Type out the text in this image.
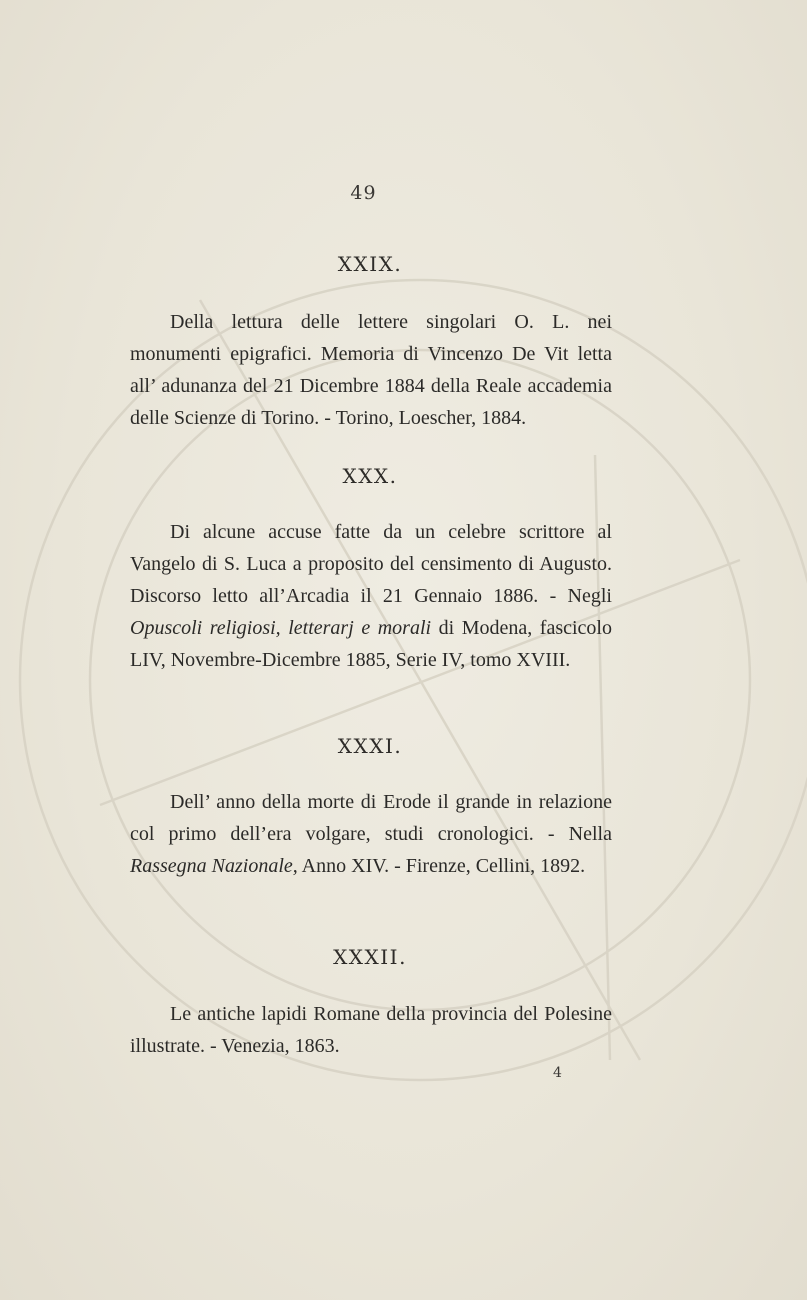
49
XXIX.
Della lettura delle lettere singolari O. L. nei monumenti epigrafici. Memoria di Vincenzo De Vit letta all’ adunanza del 21 Dicembre 1884 della Reale accademia delle Scienze di Torino. - Torino, Loescher, 1884.
XXX.
Di alcune accuse fatte da un celebre scrittore al Vangelo di S. Luca a proposito del censimento di Augusto. Discorso letto all’Arcadia il 21 Gennaio 1886. - Negli Opuscoli religiosi, letterarj e morali di Modena, fascicolo LIV, Novembre-Dicembre 1885, Serie IV, tomo XVIII.
XXXI.
Dell’ anno della morte di Erode il grande in relazione col primo dell’era volgare, studi cronologici. - Nella Rassegna Nazionale, Anno XIV. - Firenze, Cellini, 1892.
XXXII.
Le antiche lapidi Romane della provincia del Polesine illustrate. - Venezia, 1863.
4
